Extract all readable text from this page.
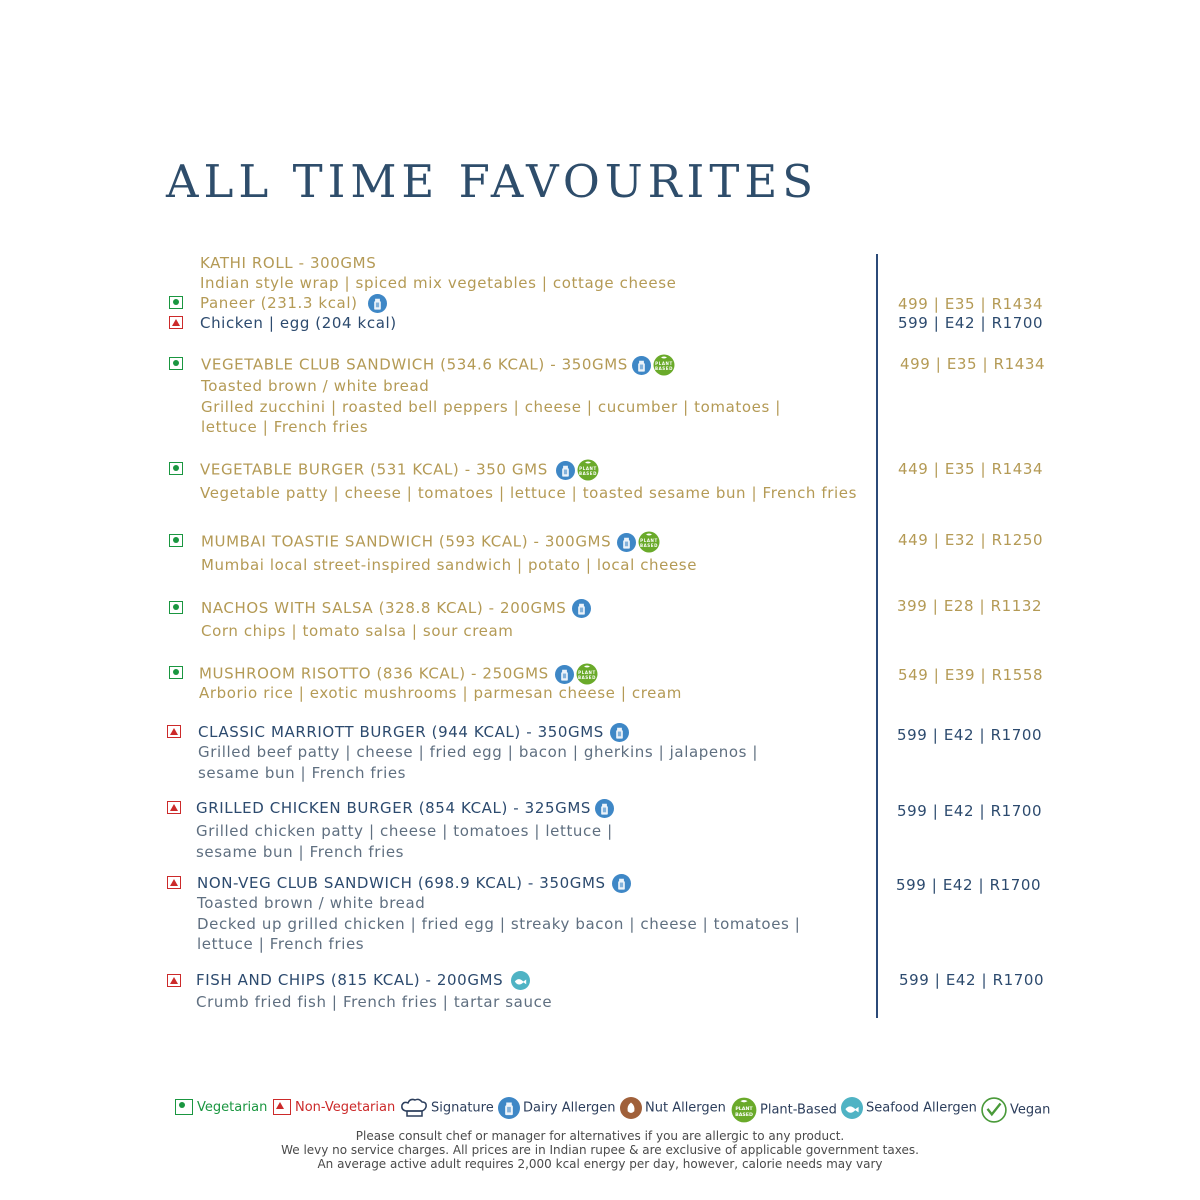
ALL TIME FAVOURITES
KATHI ROLL - 300GMS
Indian style wrap | spiced mix vegetables | cottage cheese
Paneer (231.3 kcal)	499 | E35 | R1434
Chicken | egg (204 kcal)	599 | E42 | R1700
VEGETABLE CLUB SANDWICH (534.6 KCAL) - 350GMS	499 | E35 | R1434
Toasted brown / white bread
Grilled zucchini | roasted bell peppers | cheese | cucumber | tomatoes |
lettuce | French fries
VEGETABLE BURGER (531 KCAL) - 350 GMS	449 | E35 | R1434
Vegetable patty | cheese | tomatoes | lettuce | toasted sesame bun | French fries
MUMBAI TOASTIE SANDWICH (593 KCAL) - 300GMS	449 | E32 | R1250
Mumbai local street-inspired sandwich | potato | local cheese
NACHOS WITH SALSA (328.8 KCAL) - 200GMS	399 | E28 | R1132
Corn chips | tomato salsa | sour cream
MUSHROOM RISOTTO (836 KCAL) - 250GMS	549 | E39 | R1558
Arborio rice | exotic mushrooms | parmesan cheese | cream
CLASSIC MARRIOTT BURGER (944 KCAL) - 350GMS	599 | E42 | R1700
Grilled beef patty | cheese | fried egg | bacon | gherkins | jalapenos |
sesame bun | French fries
GRILLED CHICKEN BURGER (854 KCAL) - 325GMS	599 | E42 | R1700
Grilled chicken patty | cheese | tomatoes | lettuce |
sesame bun | French fries
NON-VEG CLUB SANDWICH (698.9 KCAL) - 350GMS	599 | E42 | R1700
Toasted brown / white bread
Decked up grilled chicken | fried egg | streaky bacon | cheese | tomatoes |
lettuce | French fries
FISH AND CHIPS (815 KCAL) - 200GMS	599 | E42 | R1700
Crumb fried fish | French fries | tartar sauce
Vegetarian	Non-Vegetarian	Signature	Dairy Allergen	Nut Allergen	Plant-Based	Seafood Allergen	Vegan
Please consult chef or manager for alternatives if you are allergic to any product.
We levy no service charges. All prices are in Indian rupee & are exclusive of applicable government taxes.
An average active adult requires 2,000 kcal energy per day, however, calorie needs may vary
